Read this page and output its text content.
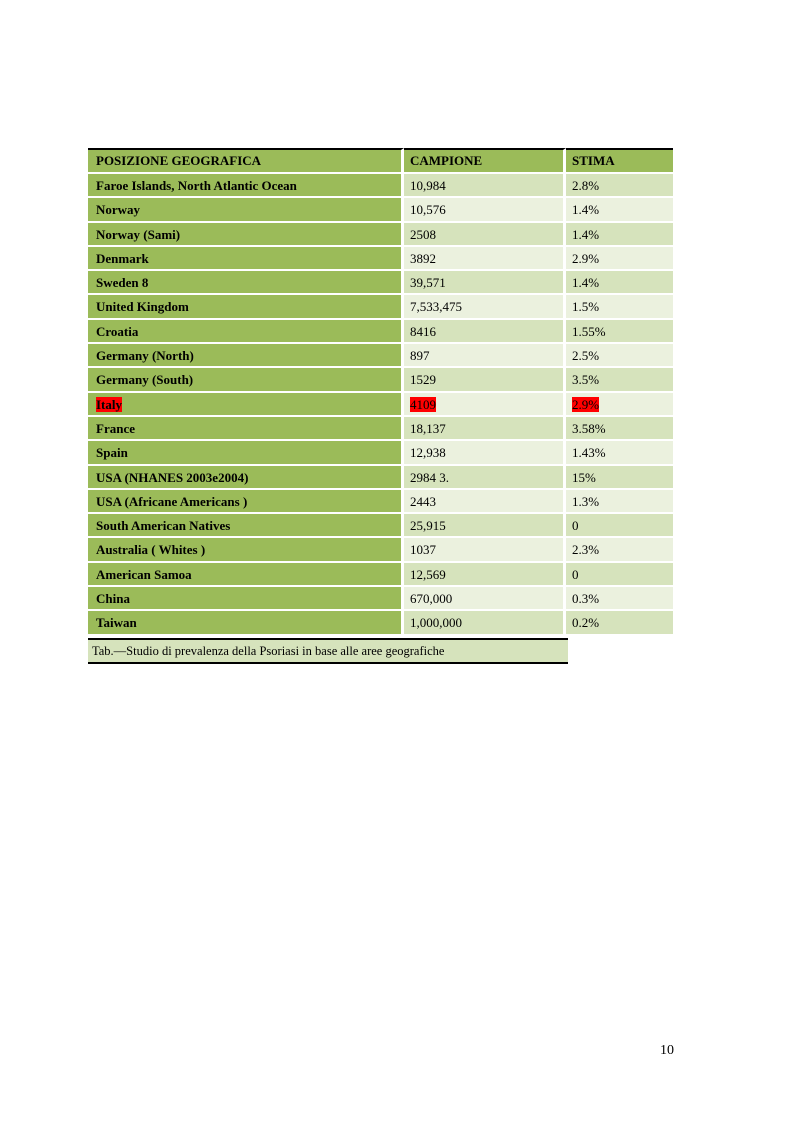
POSIZIONE GEOGRAFICA	CAMPIONE	STIMA
Faroe Islands, North Atlantic Ocean	10,984	2.8%
Norway	10,576	1.4%
Norway (Sami)	2508	1.4%
Denmark	3892	2.9%
Sweden 8	39,571	1.4%
United Kingdom	7,533,475	1.5%
Croatia	8416	1.55%
Germany (North)	897	2.5%
Germany (South)	1529	3.5%
Italy	4109	2.9%
France	18,137	3.58%
Spain	12,938	1.43%
USA (NHANES 2003e2004)	2984 3.	15%
USA (Africane Americans )	2443	1.3%
South American Natives	25,915	0
Australia ( Whites )	1037	2.3%
American Samoa	12,569	0
China	670,000	0.3%
Taiwan	1,000,000	0.2%
Tab.—Studio di prevalenza della Psoriasi in base alle aree geografiche
10
